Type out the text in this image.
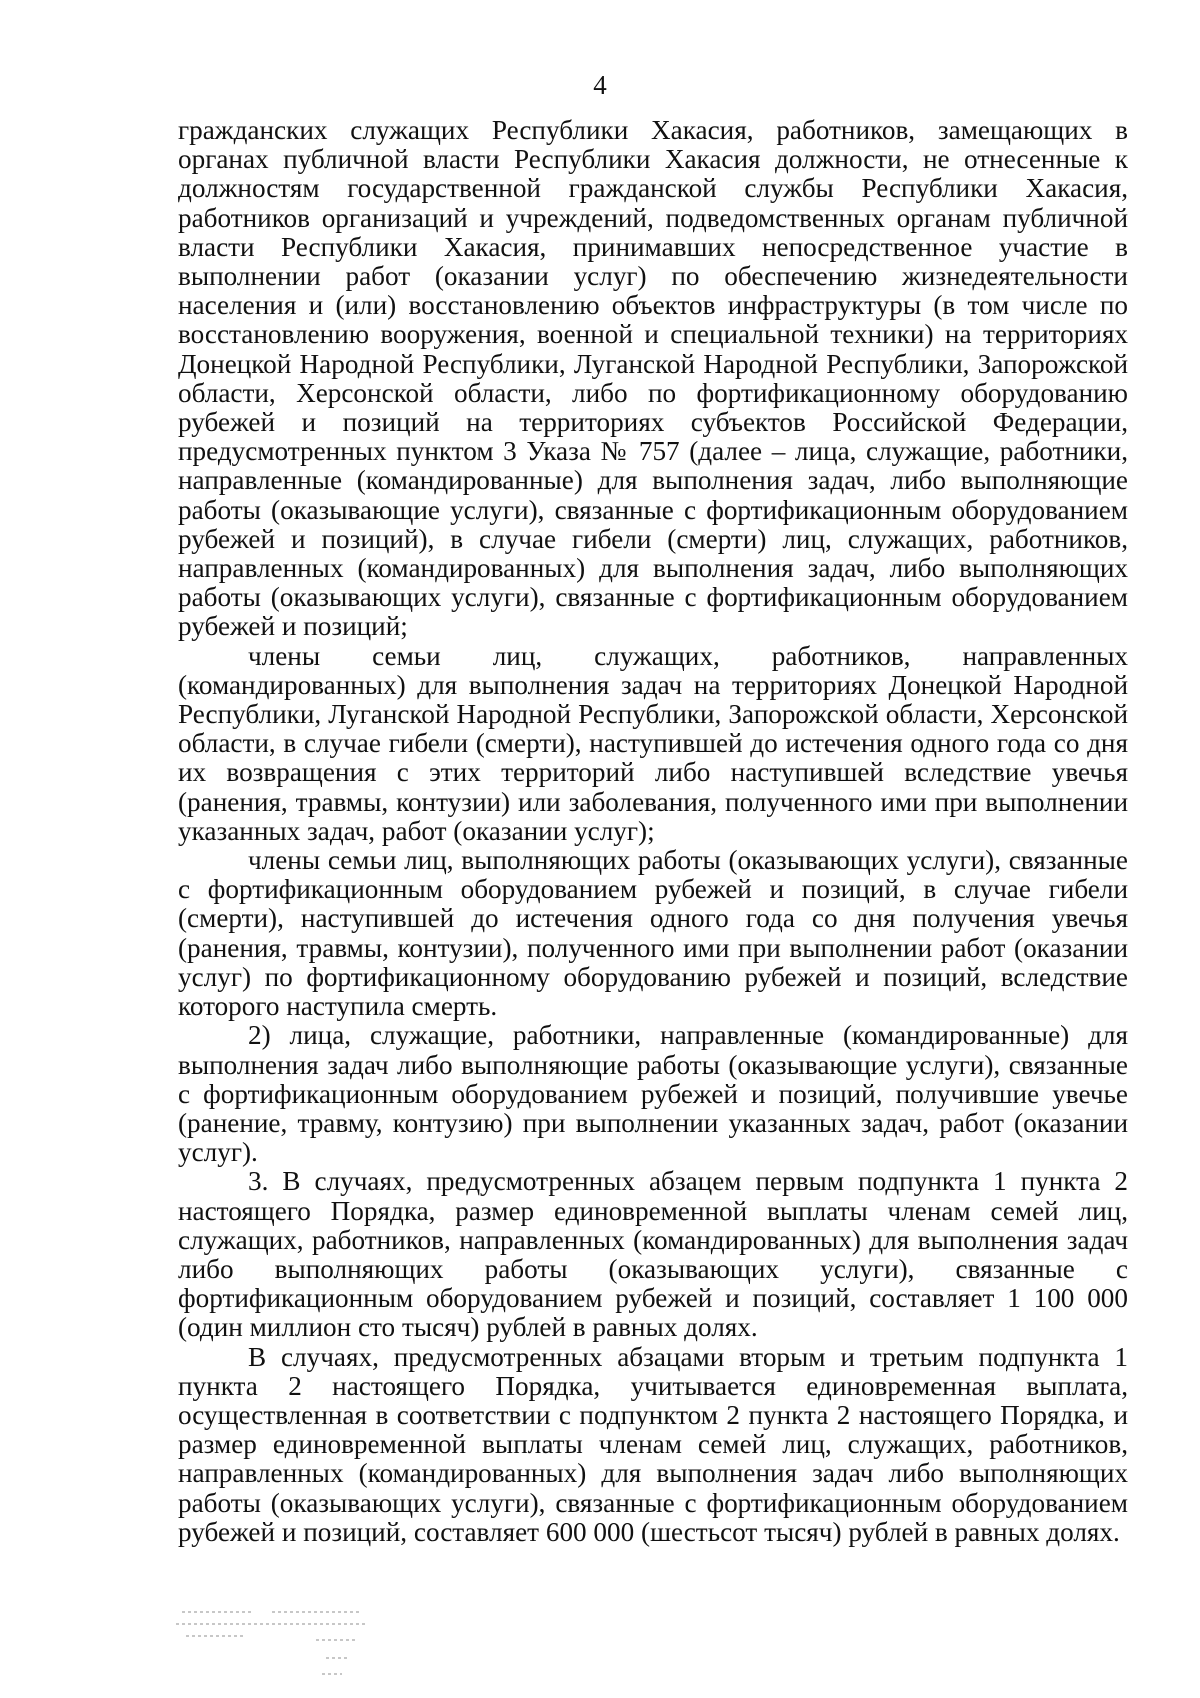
4

гражданских служащих Республики Хакасия, работников, замещающих в органах публичной власти Республики Хакасия должности, не отнесенные к должностям государственной гражданской службы Республики Хакасия, работников организаций и учреждений, подведомственных органам публичной власти Республики Хакасия, принимавших непосредственное участие в выполнении работ (оказании услуг) по обеспечению жизнедеятельности населения и (или) восстановлению объектов инфраструктуры (в том числе по восстановлению вооружения, военной и специальной техники) на территориях Донецкой Народной Республики, Луганской Народной Республики, Запорожской области, Херсонской области, либо по фортификационному оборудованию рубежей и позиций на территориях субъектов Российской Федерации, предусмотренных пунктом 3 Указа № 757 (далее – лица, служащие, работники, направленные (командированные) для выполнения задач, либо выполняющие работы (оказывающие услуги), связанные с фортификационным оборудованием рубежей и позиций), в случае гибели (смерти) лиц, служащих, работников, направленных (командированных) для выполнения задач, либо выполняющих работы (оказывающих услуги), связанные с фортификационным оборудованием рубежей и позиций;

члены семьи лиц, служащих, работников, направленных (командированных) для выполнения задач на территориях Донецкой Народной Республики, Луганской Народной Республики, Запорожской области, Херсонской области, в случае гибели (смерти), наступившей до истечения одного года со дня их возвращения с этих территорий либо наступившей вследствие увечья (ранения, травмы, контузии) или заболевания, полученного ими при выполнении указанных задач, работ (оказании услуг);

члены семьи лиц, выполняющих работы (оказывающих услуги), связанные с фортификационным оборудованием рубежей и позиций, в случае гибели (смерти), наступившей до истечения одного года со дня получения увечья (ранения, травмы, контузии), полученного ими при выполнении работ (оказании услуг) по фортификационному оборудованию рубежей и позиций, вследствие которого наступила смерть.

2) лица, служащие, работники, направленные (командированные) для выполнения задач либо выполняющие работы (оказывающие услуги), связанные с фортификационным оборудованием рубежей и позиций, получившие увечье (ранение, травму, контузию) при выполнении указанных задач, работ (оказании услуг).

3. В случаях, предусмотренных абзацем первым подпункта 1 пункта 2 настоящего Порядка, размер единовременной выплаты членам семей лиц, служащих, работников, направленных (командированных) для выполнения задач либо выполняющих работы (оказывающих услуги), связанные с фортификационным оборудованием рубежей и позиций, составляет 1 100 000 (один миллион сто тысяч) рублей в равных долях.

В случаях, предусмотренных абзацами вторым и третьим подпункта 1 пункта 2 настоящего Порядка, учитывается единовременная выплата, осуществленная в соответствии с подпунктом 2 пункта 2 настоящего Порядка, и размер единовременной выплаты членам семей лиц, служащих, работников, направленных (командированных) для выполнения задач либо выполняющих работы (оказывающих услуги), связанные с фортификационным оборудованием рубежей и позиций, составляет 600 000 (шестьсот тысяч) рублей в равных долях.
